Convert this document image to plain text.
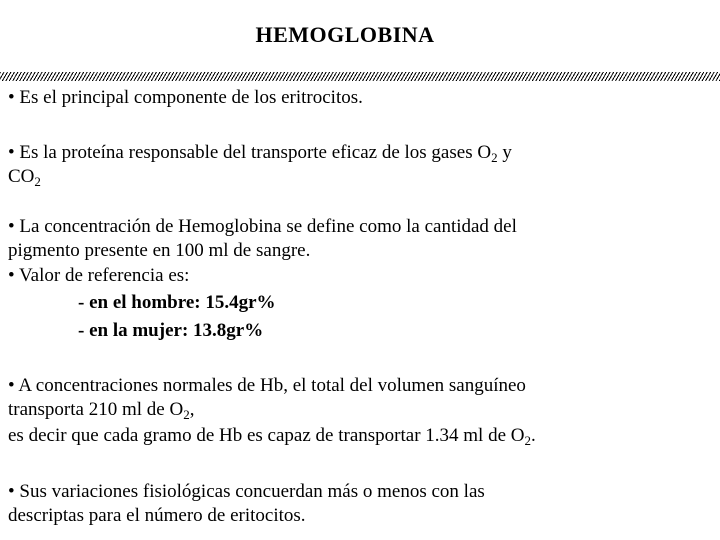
HEMOGLOBINA
• Es el principal componente de los eritrocitos.
• Es la proteína responsable del transporte eficaz de los gases $O_2$ y
$CO_2$
• La concentración de Hemoglobina se define como la cantidad del
pigmento presente en 100 ml de sangre.
• Valor de referencia es:
- en el hombre: 15.4gr%
- en la mujer: 13.8gr%
• A concentraciones normales de Hb, el total del volumen sanguíneo
transporta 210 ml de $O_2$,
es decir que cada gramo de Hb es capaz de transportar 1.34 ml de $O_2$.
• Sus variaciones fisiológicas concuerdan más o menos con las
descriptas para el número de eritocitos.
